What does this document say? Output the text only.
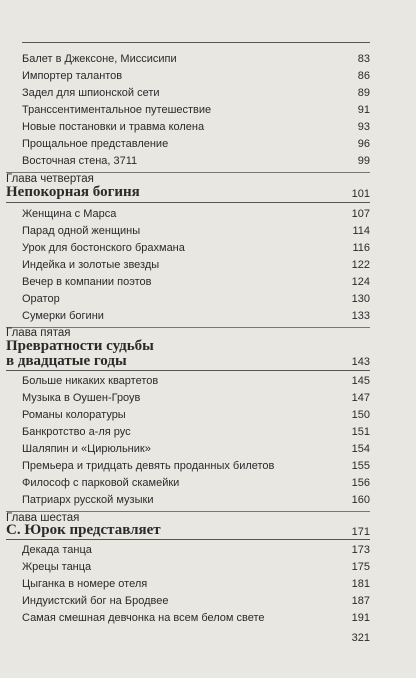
Балет в Джексоне, Миссисипи	83
Импортер талантов	86
Задел для шпионской сети	89
Трансcентиментальное путешествие	91
Новые постановки и травма колена	93
Прощальное представление	96
Восточная стена, 3711	99
Глава четвертая
Непокорная богиня	101
Женщина с Марса	107
Парад одной женщины	114
Урок для бостонского брахмана	116
Индейка и золотые звезды	122
Вечер в компании поэтов	124
Оратор	130
Сумерки богини	133
Глава пятая
Превратности судьбы
в двадцатые годы	143
Больше никаких квартетов	145
Музыка в Оушен-Гроув	147
Романы колоратуры	150
Банкротство а-ля рус	151
Шаляпин и «Цирюльник»	154
Премьера и тридцать девять проданных билетов	155
Философ с парковой скамейки	156
Патриарх русской музыки	160
Глава шестая
С. Юрок представляет	171
Декада танца	173
Жрецы танца	175
Цыганка в номере отеля	181
Индуистский бог на Бродвее	187
Самая смешная девчонка на всем белом свете	191
321
